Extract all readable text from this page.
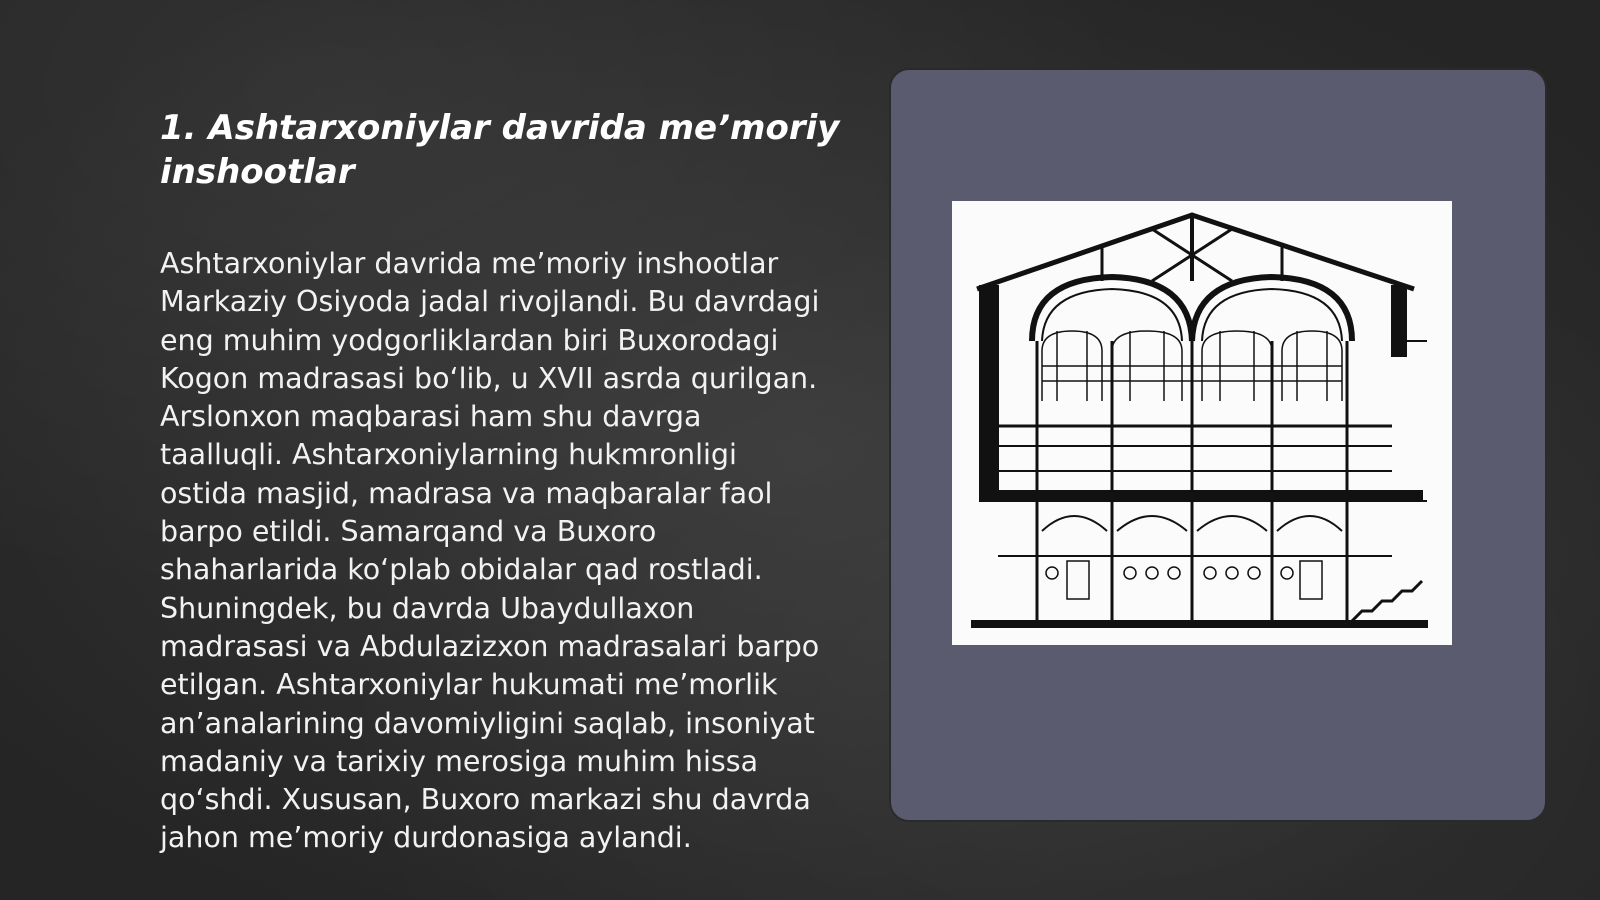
1. Ashtarxoniylar davrida me’moriy inshootlar

Ashtarxoniylar davrida me’moriy inshootlar Markaziy Osiyoda jadal rivojlandi. Bu davrdagi eng muhim yodgorliklardan biri Buxorodagi Kogon madrasasi bo‘lib, u XVII asrda qurilgan. Arslonxon maqbarasi ham shu davrga taalluqli. Ashtarxoniylarning hukmronligi ostida masjid, madrasa va maqbaralar faol barpo etildi. Samarqand va Buxoro shaharlarida ko‘plab obidalar qad rostladi. Shuningdek, bu davrda Ubaydullaxon madrasasi va Abdulazizxon madrasalari barpo etilgan. Ashtarxoniylar hukumati me’morlik an’analarining davomiyligini saqlab, insoniyat madaniy va tarixiy merosiga muhim hissa qo‘shdi. Xususan, Buxoro markazi shu davrda jahon me’moriy durdonasiga aylandi.
